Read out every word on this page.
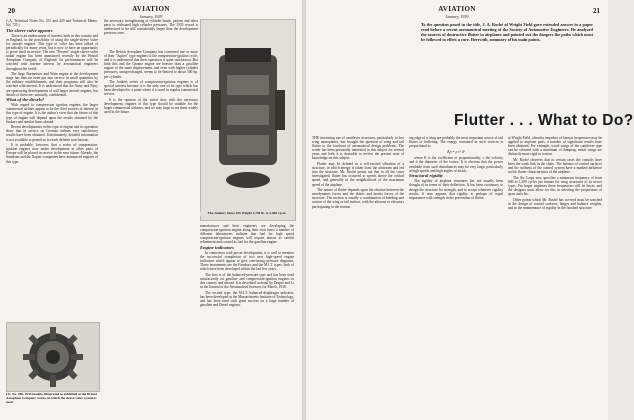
20	AVIATION
January, 1939

C.A. Technical Notes No. 231 and 429 and Technical Memo. No. 725.)

The sleeve valve appears

There is an undercurrent of interest, both in this country and in England, in the possibility of using the single-sleeve valve for aircraft engines. This type of valve has been talked of periodically for many years, but is now to have an opportunity to prove itself in service. The new "Perseus" single sleeve valve radial engine has been announced recently by the Bristol Aeroplane Company of England. Its performances will be watched with intense interest by aeronautical engineers throughout the world.

The large Burmeister and Wain engine at the development stage has thus far been put into service in small quantities by the military establishments, and their programs will also be watched with interest. It is understood that the Army and Navy are sponsoring developments of still larger aircraft engines, but details of these are, naturally, confidential.

What of the diesels?

With regard to compression ignition engines, the larger commercial airlines appear to be the chief sources of interest in this type of engine. It is the author's view that the future of this type of engine will depend upon the results obtained by the Junkers and similar firms abroad.

Recent developments in this type of engine and its operation show that in service on German airlines very satisfactory results have been obtained. Unfortunately, detailed information is not available to permit us to reach definite conclusions.

It is probable, however, that a series of compression-ignition engines now under development in other parts of Europe will be placed in service in the near future. Already, the Sunbeam and the Napier companies have announced engines of this type.

Lit. No. 280, 1935 models, illustrated as exhibited at the Bristol Aeroplane Company works, in which the sleeve valve system is used.

the necessary strengthening of cylinder heads, pistons and other parts to withstand high cylinder pressures. The 1935 record is understood to be still considerably larger than the development previous ones.

The Junkers Jumo 205 Weight 1,250 lb. at 2,000 r.p.m.

The British Aeroplane Company has converted one or more of their "Jupiter" type engines to the compression-ignition cycle, and it is understood that their operation is quite satisfactory. But both this and the Gnome engine are heavier than a gasoline engine of the same displacement, and even with higher cylinder pressures, unsupercharged, seems to be limited to about 100 hp. per cylinder.

The Junkers series of compression-ignition engines is of special interest because it is the only one of its type which has been developed to a point where it is used in regular commercial service.

It is the opinion of the writer that, with the necessary development, engines of this type should be suitable for the larger commercial airliners, and we may hope to see them widely used in the future.

manufacturer and their engineers are developing the compression-ignition engine along their own lines; a number of different laboratories indicate that fuel for high speed compression-ignition engines will require almost as careful refinement and control as fuel for the gasoline engine.

Engine indicators

In connection with power development, it is well to mention the successful completion of two new high-speed engine indicators which appear to give convincing pressure diagrams. These instruments are the Farnboro and the M.I.T. types, both of which have been developed within the last few years.

The first is of the balanced-pressure type and has been used satisfactorily on gasoline and compression-ignition engines in this country and abroad. It is described in detail by Draper and Li in the Journal of the Aeronautical Sciences for March, 1938.

The second type, the M.I.T. balanced-diaphragm indicator, has been developed at the Massachusetts Institute of Technology, and has been used with great success on a large number of gasoline and Diesel engines.

21
AVIATION
January, 1939
To the question posed in the title, J. A. Roché of Wright Field gave extended answer in a paper read before a recent aeronautical meeting of the Society of Automotive Engineers. He analyzed the sources of destructive flutter in airplanes and pointed out the dangers the paths which must be followed to effect a cure. Herewith, summary of his main points.
Flutter . . . What to Do?

THE increasing use of cantilever structures, particularly in low wing monoplanes, has brought the question of wing and tail flutter to the forefront of aeronautical design problems. The writer has been personally interested in this subject for several years and feels it is desirable to review the present state of knowledge on this subject.

Flutter may be defined as a self-excited vibration of a structure, in which energy is taken from the airstream and fed into the structure. Mr. Roché points out that in all the cases investigated, flutter has occurred at speeds above the critical speed, and generally in the neighborhood of the maximum speed of the airplane.

The nature of flutter depends upon the relation between the aerodynamic forces and the elastic and inertia forces of the structure. The motion is usually a combination of bending and torsion of the wing or tail surface, with the ailerons or elevators participating in the motion.

ing edge of a wing are probably the most important source of tail flutter or buffeting. The energy contained in such vortices is proportional to

Kp = ρ v² d²

where K is the coefficient of proportionality, v the velocity and d the diameter of the vortex. It is obvious that the power available from such disturbances may be very large, particularly at high speeds and high angles of attack.

Structural rigidity

The rigidity of airplane structures has not usually been thought of in terms of their deflection. It has been customary to design the structure for strength, and to accept whatever rigidity results. It now appears that rigidity is perhaps of equal importance with strength in the prevention of flutter.

at Wright Field, whereby impulses of known frequencies may be applied to airplane parts, a number of significant results have been obtained. For example, wood wings of the cantilever type can be vibrated with a minimum of damping, metal wings are distinctly more rigid in torsion.

Mr. Roché observes that in certain cases the controls have been the weak link in the chain. The balance of control surfaces and the stiffness of the control system have a marked influence on the flutter characteristics of the airplane.

The Air Corps now specifies a minimum frequency of from 600 to 1,200 cycles per minute for wing structures of its newer types. For larger airplanes these frequencies will be lower, and the designer must allow for this in selecting the proportions of spars and ribs.

Other points which Mr. Roché has covered must be watched in the design of control surfaces, hinges and balance weights, and in the maintenance of rigidity in the finished structure.
